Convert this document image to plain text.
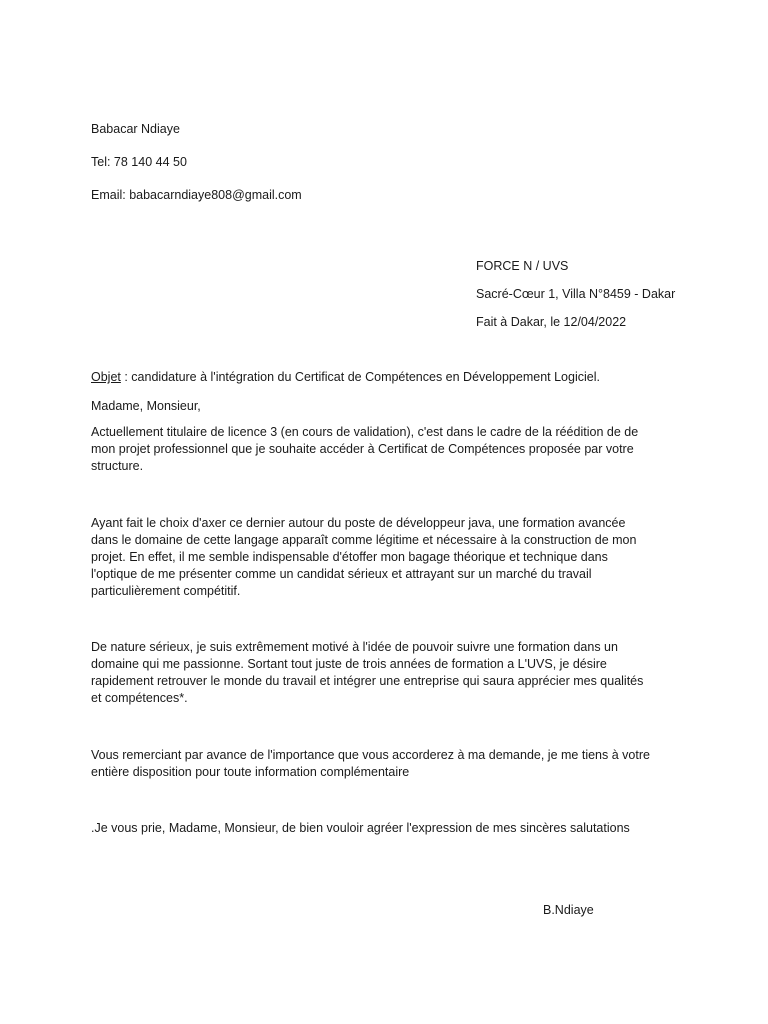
Babacar Ndiaye
Tel: 78 140 44 50
Email: babacarndiaye808@gmail.com
FORCE N / UVS
Sacré-Cœur 1, Villa N°8459 - Dakar
Fait à Dakar, le 12/04/2022
Objet : candidature à l'intégration du Certificat de Compétences en Développement Logiciel.
Madame, Monsieur,
Actuellement titulaire de licence 3 (en cours de validation), c'est dans le cadre de la réédition de de
mon projet professionnel que je souhaite accéder à Certificat de Compétences proposée par votre
structure.
Ayant fait le choix d'axer ce dernier autour du poste de développeur java, une formation avancée
dans le domaine de cette langage apparaît comme légitime et nécessaire à la construction de mon
projet. En effet, il me semble indispensable d'étoffer mon bagage théorique et technique dans
l'optique de me présenter comme un candidat sérieux et attrayant sur un marché du travail
particulièrement compétitif.
De nature sérieux, je suis extrêmement motivé à l'idée de pouvoir suivre une formation dans un
domaine qui me passionne. Sortant tout juste de trois années de formation a L'UVS, je désire
rapidement retrouver le monde du travail et intégrer une entreprise qui saura apprécier mes qualités
et compétences*.
Vous remerciant par avance de l'importance que vous accorderez à ma demande, je me tiens à votre
entière disposition pour toute information complémentaire
.Je vous prie, Madame, Monsieur, de bien vouloir agréer l'expression de mes sincères salutations
B.Ndiaye
